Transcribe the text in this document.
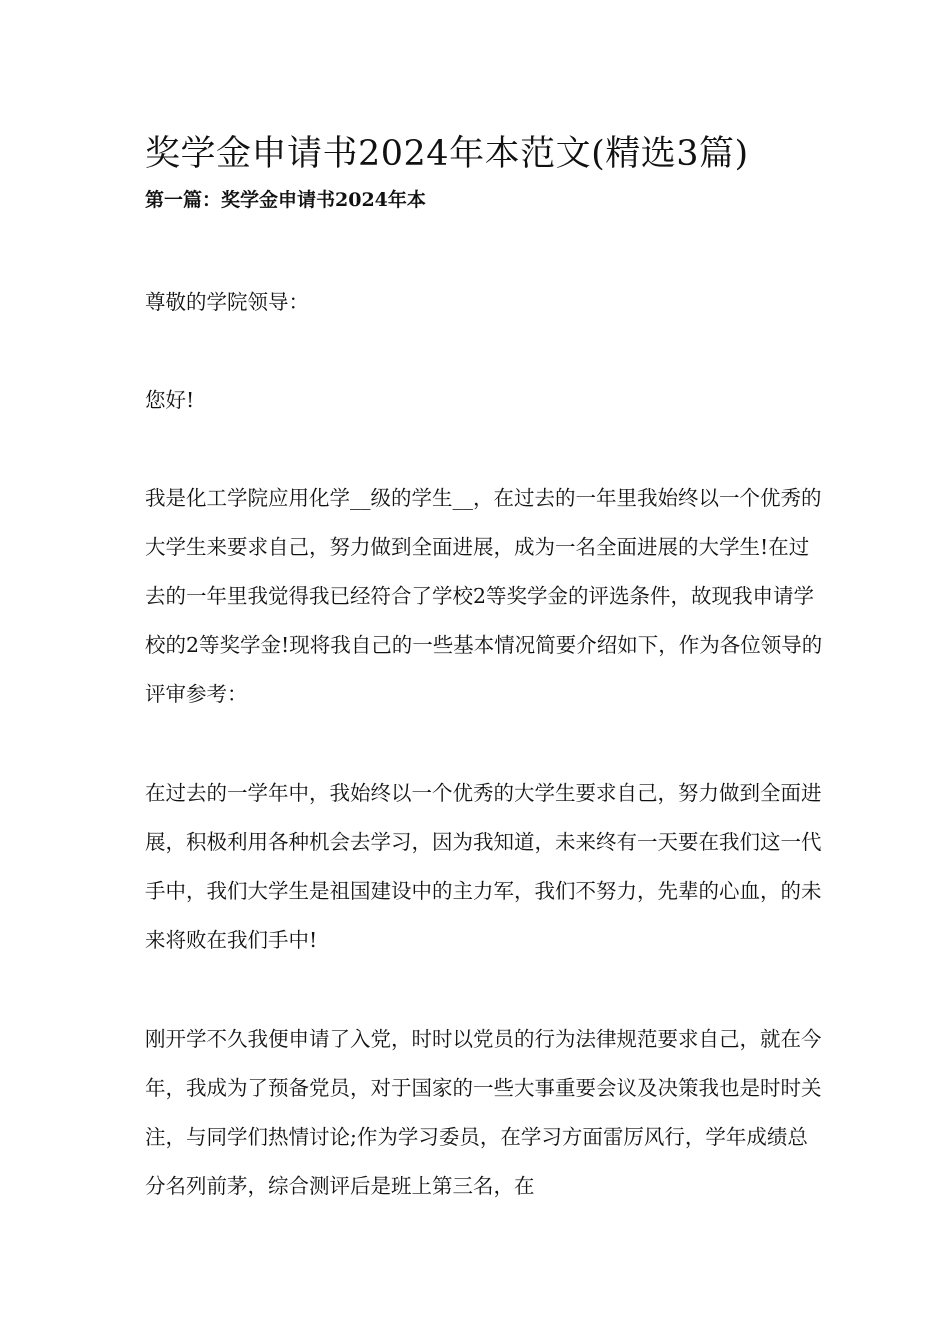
奖学金申请书2024年本范文(精选3篇)
第一篇：奖学金申请书2024年本

尊敬的学院领导：

您好!

我是化工学院应用化学__级的学生__，在过去的一年里我始终以一个优秀的大学生来要求自己，努力做到全面进展，成为一名全面进展的大学生!在过去的一年里我觉得我已经符合了学校2等奖学金的评选条件，故现我申请学校的2等奖学金!现将我自己的一些基本情况简要介绍如下，作为各位领导的评审参考：

在过去的一学年中，我始终以一个优秀的大学生要求自己，努力做到全面进展，积极利用各种机会去学习，因为我知道，未来终有一天要在我们这一代手中，我们大学生是祖国建设中的主力军，我们不努力，先辈的心血，的未来将败在我们手中!

刚开学不久我便申请了入党，时时以党员的行为法律规范要求自己，就在今年，我成为了预备党员，对于国家的一些大事重要会议及决策我也是时时关注，与同学们热情讨论;作为学习委员，在学习方面雷厉风行，学年成绩总分名列前茅，综合测评后是班上第三名，在
